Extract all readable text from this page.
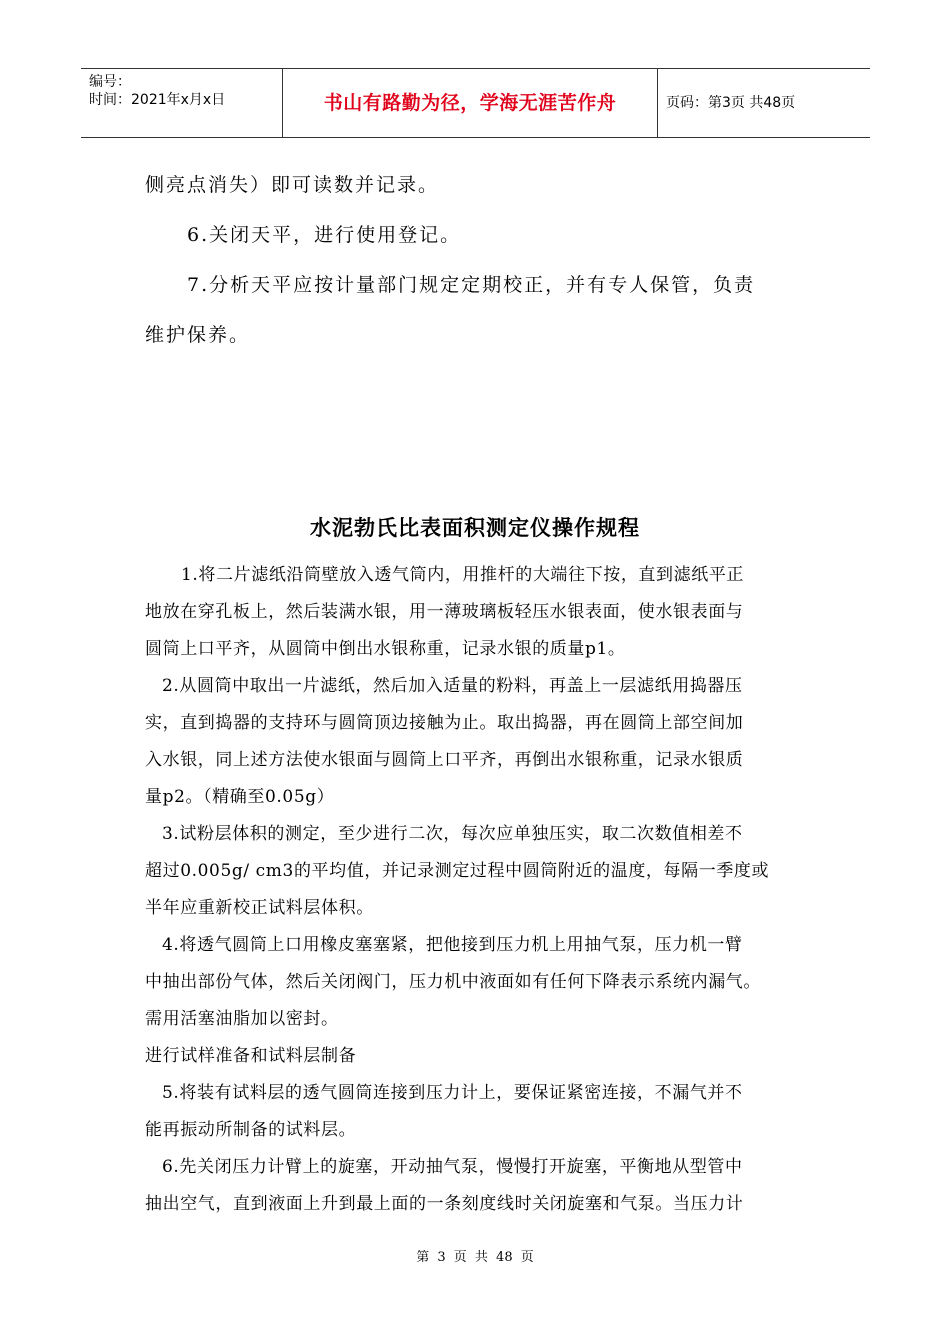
编号：
时间：2021年x月x日	书山有路勤为径，学海无涯苦作舟	页码：第3页 共48页
侧亮点消失）即可读数并记录。
6.关闭天平，进行使用登记。
7.分析天平应按计量部门规定定期校正，并有专人保管，负责
维护保养。
水泥勃氏比表面积测定仪操作规程
1.将二片滤纸沿筒壁放入透气筒内，用推杆的大端往下按，直到滤纸平正
地放在穿孔板上，然后装满水银，用一薄玻璃板轻压水银表面，使水银表面与
圆筒上口平齐，从圆筒中倒出水银称重，记录水银的质量p1。
2.从圆筒中取出一片滤纸，然后加入适量的粉料，再盖上一层滤纸用捣器压
实，直到捣器的支持环与圆筒顶边接触为止。取出捣器，再在圆筒上部空间加
入水银，同上述方法使水银面与圆筒上口平齐，再倒出水银称重，记录水银质
量p2。（精确至0.05g）
3.试粉层体积的测定，至少进行二次，每次应单独压实，取二次数值相差不
超过0.005g/ cm3的平均值，并记录测定过程中圆筒附近的温度，每隔一季度或
半年应重新校正试料层体积。
4.将透气圆筒上口用橡皮塞塞紧，把他接到压力机上用抽气泵，压力机一臂
中抽出部份气体，然后关闭阀门，压力机中液面如有任何下降表示系统内漏气。
需用活塞油脂加以密封。
进行试样准备和试料层制备
5.将装有试料层的透气圆筒连接到压力计上，要保证紧密连接，不漏气并不
能再振动所制备的试料层。
6.先关闭压力计臂上的旋塞，开动抽气泵，慢慢打开旋塞，平衡地从型管中
抽出空气，直到液面上升到最上面的一条刻度线时关闭旋塞和气泵。当压力计
第 3 页 共 48 页
